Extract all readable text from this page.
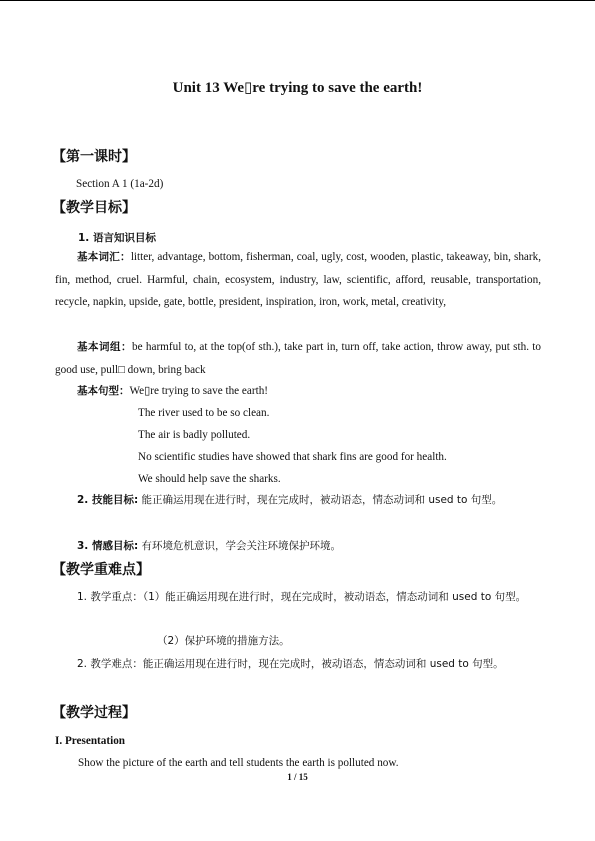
Unit 13 We▯re trying to save the earth!
【第一课时】
Section A 1 (1a-2d)
【教学目标】
1. 语言知识目标
基本词汇：litter, advantage, bottom, fisherman, coal, ugly, cost, wooden, plastic, takeaway, bin, shark, fin, method, cruel. Harmful, chain, ecosystem, industry, law, scientific, afford, reusable, transportation, recycle, napkin, upside, gate, bottle, president, inspiration, iron, work, metal, creativity,
基本词组：be harmful to, at the top(of sth.), take part in, turn off, take action, throw away, put sth. to good use, pull□ down, bring back
基本句型：We▯re trying to save the earth!
The river used to be so clean.
The air is badly polluted.
No scientific studies have showed that shark fins are good for health.
We should help save the sharks.
2. 技能目标: 能正确运用现在进行时，现在完成时，被动语态，情态动词和 used to 句型。
3. 情感目标: 有环境危机意识，学会关注环境保护环境。
【教学重难点】
1. 教学重点：（1）能正确运用现在进行时，现在完成时，被动语态，情态动词和 used to 句型。
（2）保护环境的措施方法。
2. 教学难点：能正确运用现在进行时，现在完成时，被动语态，情态动词和 used to 句型。
【教学过程】
I. Presentation
Show the picture of the earth and tell students the earth is polluted now.
1 / 15
